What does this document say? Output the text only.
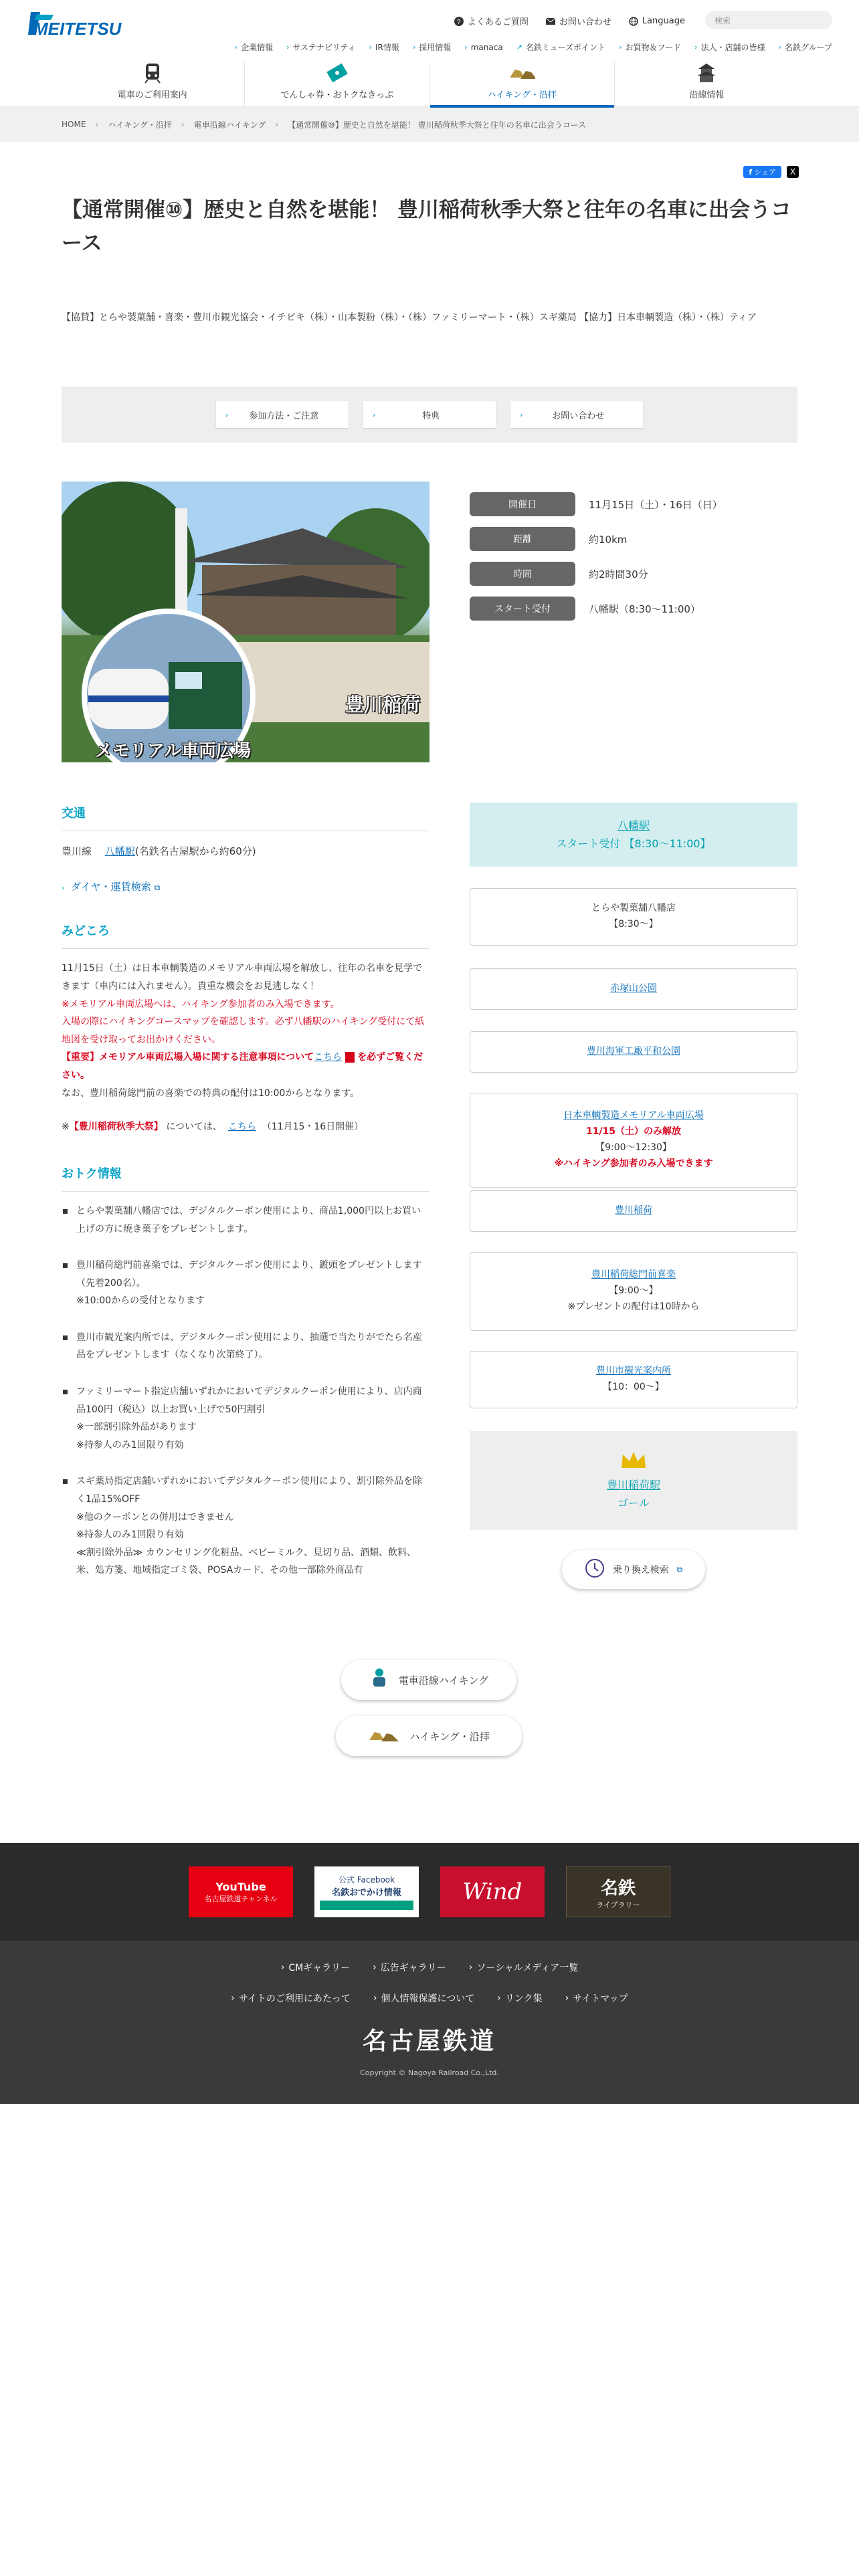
MEITETSU	? よくあるご質問	お問い合わせ	Language	検索
› 企業情報 › サステナビリティ › IR情報 › 採用情報 › manaca ↗ 名鉄ミューズポイント › お買物＆フード › 法人・店舗の皆様 › 名鉄グループ
電車のご利用案内	でんしゃ券・おトクなきっぷ	ハイキング・沿拝	沿線情報
HOME › ハイキング・沿拝 › 電車沿線ハイキング › 【通常開催⑩】歴史と自然を堪能！ 豊川稲荷秋季大祭と往年の名車に出会うコース
f シェア	X
【通常開催⑩】歴史と自然を堪能！ 豊川稲荷秋季大祭と往年の名車に出会うコース

【協賛】とらや製菓舗・喜楽・豊川市観光協会・イチビキ（株）・山本製粉（株）・（株）ファミリーマート・（株）スギ薬局 【協力】日本車輌製造（株）・（株）ティア

›	参加方法・ご注意	›	特典	›	お問い合わせ
豊川稲荷
メモリアル車両広場
開催日	11月15日（土）・16日（日）
距離	約10km
時間	約2時間30分
スタート受付	八幡駅（8:30〜11:00）
交通

豊川線　 八幡駅(名鉄名古屋駅から約60分)

› ダイヤ・運賃検索 ⧉

みどころ

11月15日（土）は日本車輌製造のメモリアル車両広場を解放し、往年の名車を見学できます（車内には入れません）。貴重な機会をお見逃しなく！

※メモリアル車両広場へは、ハイキング参加者のみ入場できます。

入場の際にハイキングコースマップを確認します。必ず八幡駅のハイキング受付にて紙地図を受け取ってお出かけください。

【重要】メモリアル車両広場入場に関する注意事項についてこちら を必ずご覧ください。

なお、豊川稲荷総門前の喜楽での特典の配付は10:00からとなります。

※【豊川稲荷秋季大祭】 については、 こちら （11月15・16日開催）

おトク情報
とらや製菓舗八幡店では、デジタルクーポン使用により、商品1,000円以上お買い上げの方に焼き菓子をプレゼントします。
豊川稲荷総門前喜楽では、デジタルクーポン使用により、鍍頭をプレゼントします（先着200名）。
※10:00からの受付となります
豊川市観光案内所では、デジタルクーポン使用により、抽選で当たりがでたら名産品をプレゼントします（なくなり次第終了）。
ファミリーマート指定店舗いずれかにおいてデジタルクーポン使用により、店内商品100円（税込）以上お買い上げで50円割引
※一部割引除外品があります
※持参人のみ1回限り有効
スギ薬局指定店舗いずれかにおいてデジタルクーポン使用により、割引除外品を除く1品15%OFF
※他のクーポンとの併用はできません
※持参人のみ1回限り有効
≪割引除外品≫ カウンセリング化粧品、ベビーミルク、見切り品、酒類、飲料、米、処方箋、地域指定ゴミ袋、POSAカード、その他一部除外商品有
八幡駅
スタート受付 【8:30〜11:00】
とらや製菓舗八幡店
【8:30〜】
赤塚山公園
豊川海軍工廠平和公園
日本車輌製造メモリアル車両広場
11/15（土）のみ解放
【9:00〜12:30】
※ハイキング参加者のみ入場できます
豊川稲荷
豊川稲荷総門前喜楽
【9:00〜】
※プレゼントの配付は10時から
豊川市観光案内所
【10：00〜】
豊川稲荷駅
ゴール
乗り換え検索 ⧉
電車沿線ハイキング
ハイキング・沿拝
YouTube
名古屋鉄道チャンネル
公式 Facebook
名鉄おでかけ情報	Wind	名鉄
ライブラリー
› CMギャラリー › 広告ギャラリー › ソーシャルメディア一覧
› サイトのご利用にあたって › 個人情報保護について › リンク集 › サイトマップ
名古屋鉄道
Copyright © Nagoya Railroad Co.,Ltd.
